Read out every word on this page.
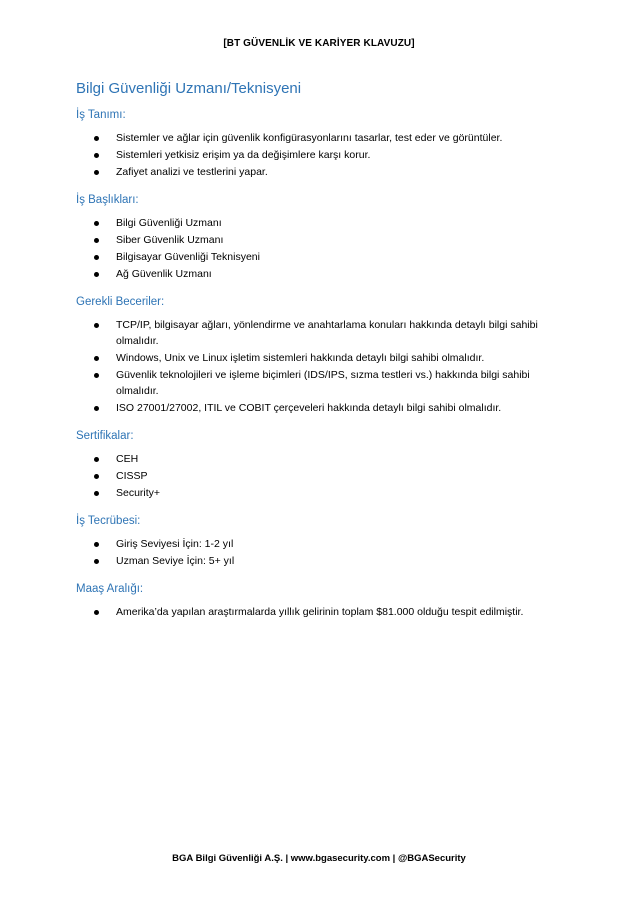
[BT GÜVENLİK VE KARİYER KLAVUZU]
Bilgi Güvenliği Uzmanı/Teknisyeni
İş Tanımı:
Sistemler ve ağlar için güvenlik konfigürasyonlarını tasarlar, test eder ve görüntüler.
Sistemleri yetkisiz erişim ya da değişimlere karşı korur.
Zafiyet analizi ve testlerini yapar.
İş Başlıkları:
Bilgi Güvenliği Uzmanı
Siber Güvenlik Uzmanı
Bilgisayar Güvenliği Teknisyeni
Ağ Güvenlik Uzmanı
Gerekli Beceriler:
TCP/IP, bilgisayar ağları, yönlendirme ve anahtarlama konuları hakkında detaylı bilgi sahibi olmalıdır.
Windows, Unix ve Linux işletim sistemleri hakkında detaylı bilgi sahibi olmalıdır.
Güvenlik teknolojileri ve işleme biçimleri (IDS/IPS, sızma testleri vs.) hakkında bilgi sahibi olmalıdır.
ISO 27001/27002, ITIL ve COBIT çerçeveleri hakkında detaylı bilgi sahibi olmalıdır.
Sertifikalar:
CEH
CISSP
Security+
İş Tecrübesi:
Giriş Seviyesi İçin: 1-2 yıl
Uzman Seviye İçin: 5+ yıl
Maaş Aralığı:
Amerika’da yapılan araştırmalarda yıllık gelirinin toplam $81.000 olduğu tespit edilmiştir.
BGA Bilgi Güvenliği A.Ş. | www.bgasecurity.com | @BGASecurity
